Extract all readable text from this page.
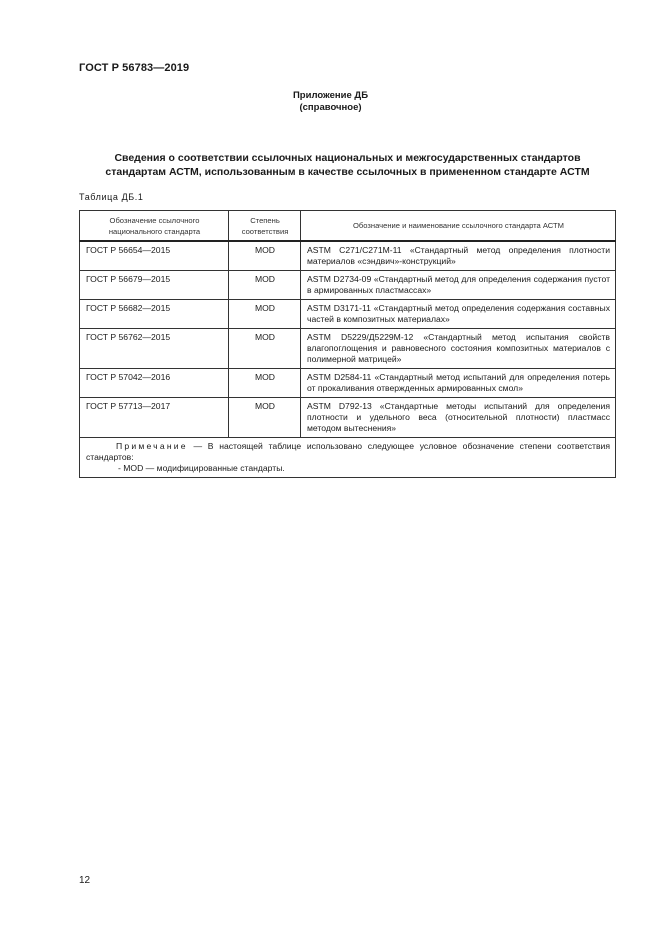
ГОСТ Р 56783—2019
Приложение ДБ
(справочное)
Сведения о соответствии ссылочных национальных и межгосударственных стандартов
стандартам АСТМ, использованным в качестве ссылочных в примененном стандарте АСТМ
Таблица ДБ.1
Обозначение ссылочного национального стандарта	Степень соответствия	Обозначение и наименование ссылочного стандарта АСТМ
ГОСТ Р 56654—2015	MOD	ASTM C271/C271M-11 «Стандартный метод определения плотности материалов «сэндвич»-конструкций»
ГОСТ Р 56679—2015	MOD	ASTM D2734-09 «Стандартный метод для определения содержания пустот в армированных пластмассах»
ГОСТ Р 56682—2015	MOD	ASTM D3171-11 «Стандартный метод определения содержания составных частей в композитных материалах»
ГОСТ Р 56762—2015	MOD	ASTM D5229/Д5229M-12 «Стандартный метод испытания свойств влагопоглощения и равновесного состояния композитных материалов с полимерной матрицей»
ГОСТ Р 57042—2016	MOD	ASTM D2584-11 «Стандартный метод испытаний для определения потерь от прокаливания отвержденных армированных смол»
ГОСТ Р 57713—2017	MOD	ASTM D792-13 «Стандартные методы испытаний для определения плотности и удельного веса (относительной плотности) пластмасс методом вытеснения»

Примечание — В настоящей таблице использовано следующее условное обозначение степени соответствия стандартов:
- MOD — модифицированные стандарты.		
12
